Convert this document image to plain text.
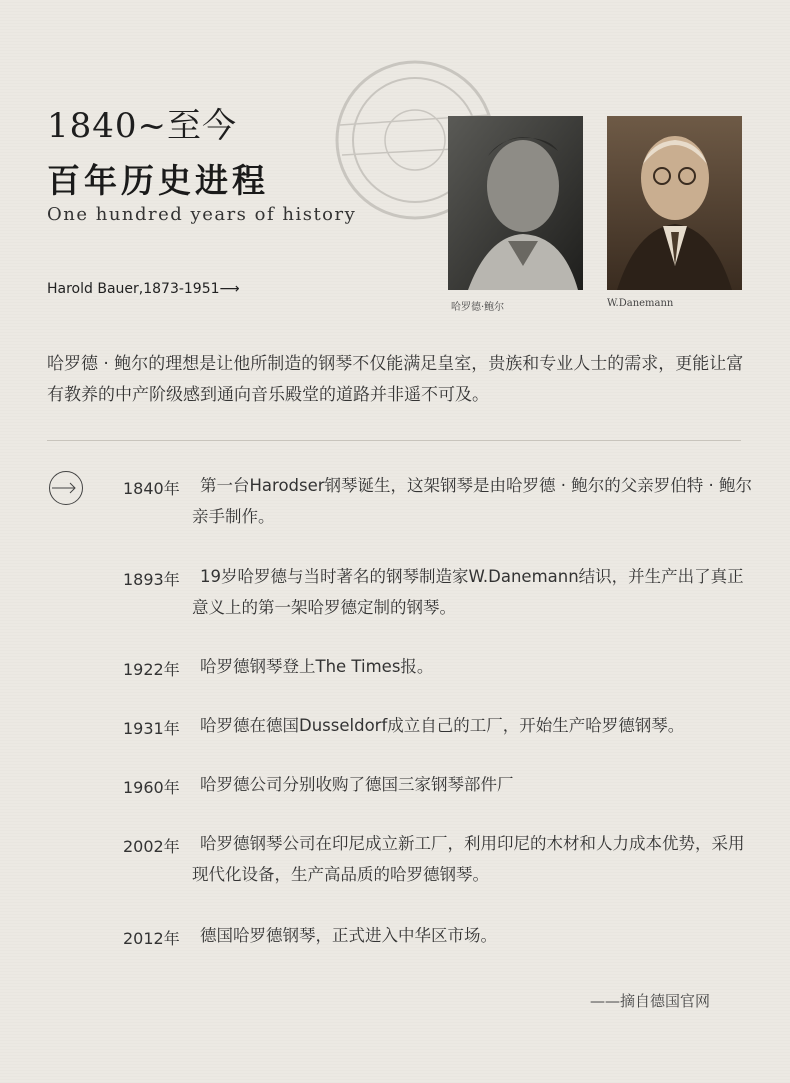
1840~至今
百年历史进程
One hundred years of history
Harold Bauer,1873-1951⟶
哈罗德·鲍尔	W.Danemann
哈罗德 · 鲍尔的理想是让他所制造的钢琴不仅能满足皇室，贵族和专业人士的需求，更能让富有教养的中产阶级感到通向音乐殿堂的道路并非遥不可及。
1840年	第一台Harodser钢琴诞生，这架钢琴是由哈罗德 · 鲍尔的父亲罗伯特 · 鲍尔亲手制作。
1893年	19岁哈罗德与当时著名的钢琴制造家W.Danemann结识，并生产出了真正意义上的第一架哈罗德定制的钢琴。
1922年	哈罗德钢琴登上The Times报。
1931年	哈罗德在德国Dusseldorf成立自己的工厂，开始生产哈罗德钢琴。
1960年	哈罗德公司分别收购了德国三家钢琴部件厂
2002年	哈罗德钢琴公司在印尼成立新工厂，利用印尼的木材和人力成本优势，采用现代化设备，生产高品质的哈罗德钢琴。
2012年	德国哈罗德钢琴，正式进入中华区市场。
——摘自德国官网
